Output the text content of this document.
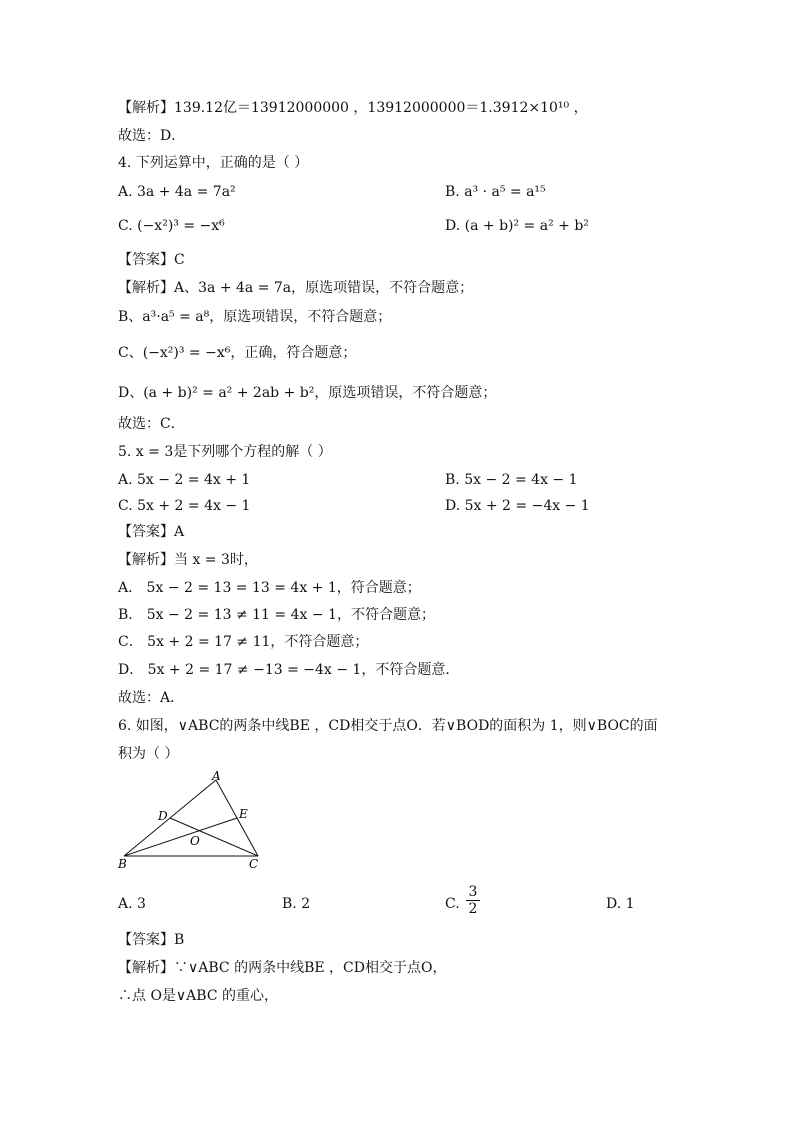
【解析】139.12亿＝13912000000 ，13912000000＝1.3912×10¹⁰ ，
故选：D．
4. 下列运算中，正确的是（ ）
A. 3a + 4a = 7a²	B. a³ · a⁵ = a¹⁵
C. (−x²)³ = −x⁶	D. (a + b)² = a² + b²
【答案】C
【解析】A、3a + 4a = 7a，原选项错误，不符合题意；
B、a³·a⁵ = a⁸，原选项错误，不符合题意；
C、(−x²)³ = −x⁶，正确，符合题意；
D、(a + b)² = a² + 2ab + b²，原选项错误，不符合题意；
故选：C．
5. x = 3是下列哪个方程的解（ ）
A. 5x − 2 = 4x + 1	B. 5x − 2 = 4x − 1
C. 5x + 2 = 4x − 1	D. 5x + 2 = −4x − 1
【答案】A
【解析】当 x = 3时，
A． 5x − 2 = 13 = 13 = 4x + 1，符合题意；
B． 5x − 2 = 13 ≠ 11 = 4x − 1，不符合题意；
C． 5x + 2 = 17 ≠ 11，不符合题意；
D． 5x + 2 = 17 ≠ −13 = −4x − 1，不符合题意．
故选：A．
6. 如图，∨ABC的两条中线BE ，CD相交于点O．若∨BOD的面积为 1，则∨BOC的面
积为（ ）
A
B	C
D	E
O
A. 3	B. 2	C. $\frac{3}{2}$	D. 1
【答案】B
【解析】∵∨ABC 的两条中线BE ，CD相交于点O，
∴点 O是∨ABC 的重心，
